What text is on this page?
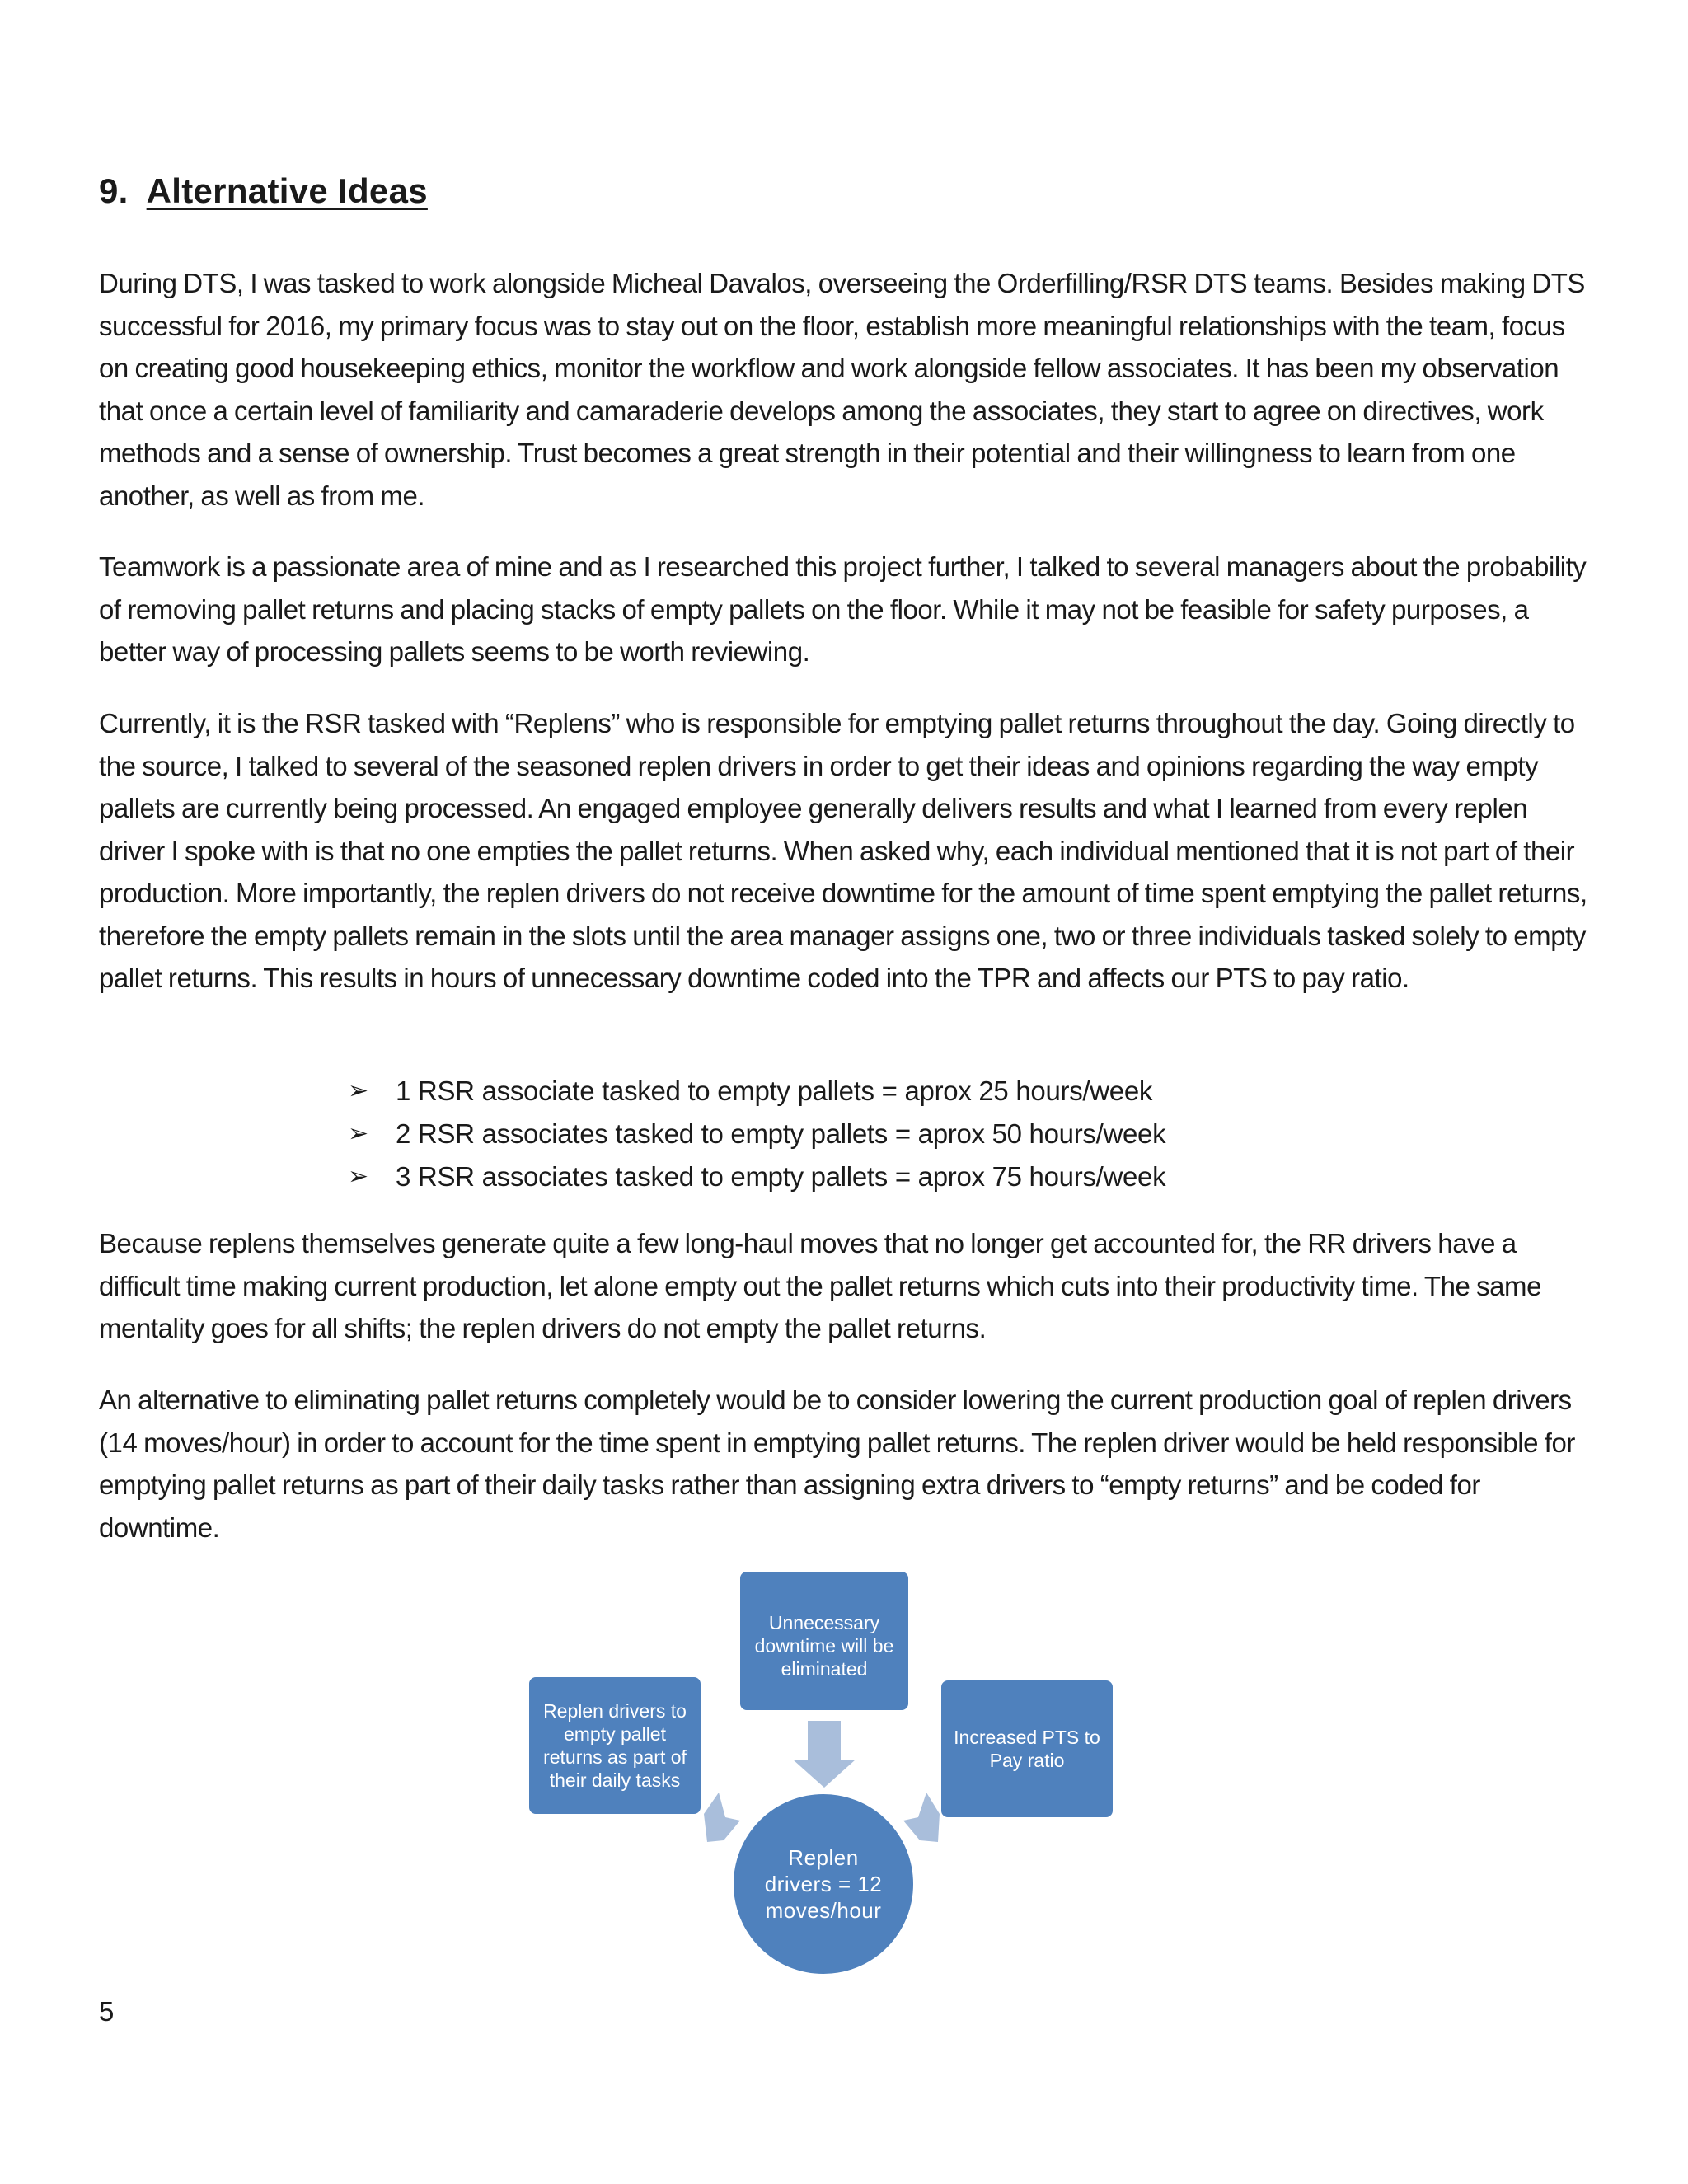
9. Alternative Ideas

During DTS, I was tasked to work alongside Micheal Davalos, overseeing the Orderfilling/RSR DTS teams. Besides making DTS successful for 2016, my primary focus was to stay out on the floor, establish more meaningful relationships with the team, focus on creating good housekeeping ethics, monitor the workflow and work alongside fellow associates. It has been my observation that once a certain level of familiarity and camaraderie develops among the associates, they start to agree on directives, work methods and a sense of ownership. Trust becomes a great strength in their potential and their willingness to learn from one another, as well as from me.

Teamwork is a passionate area of mine and as I researched this project further, I talked to several managers about the probability of removing pallet returns and placing stacks of empty pallets on the floor. While it may not be feasible for safety purposes, a better way of processing pallets seems to be worth reviewing.

Currently, it is the RSR tasked with “Replens” who is responsible for emptying pallet returns throughout the day. Going directly to the source, I talked to several of the seasoned replen drivers in order to get their ideas and opinions regarding the way empty pallets are currently being processed. An engaged employee generally delivers results and what I learned from every replen driver I spoke with is that no one empties the pallet returns. When asked why, each individual mentioned that it is not part of their production. More importantly, the replen drivers do not receive downtime for the amount of time spent emptying the pallet returns, therefore the empty pallets remain in the slots until the area manager assigns one, two or three individuals tasked solely to empty pallet returns. This results in hours of unnecessary downtime coded into the TPR and affects our PTS to pay ratio.

➢	1 RSR associate tasked to empty pallets = aprox 25 hours/week
➢	2 RSR associates tasked to empty pallets = aprox 50 hours/week
➢	3 RSR associates tasked to empty pallets = aprox 75 hours/week

Because replens themselves generate quite a few long-haul moves that no longer get accounted for, the RR drivers have a difficult time making current production, let alone empty out the pallet returns which cuts into their productivity time. The same mentality goes for all shifts; the replen drivers do not empty the pallet returns.

An alternative to eliminating pallet returns completely would be to consider lowering the current production goal of replen drivers (14 moves/hour) in order to account for the time spent in emptying pallet returns. The replen driver would be held responsible for emptying pallet returns as part of their daily tasks rather than assigning extra drivers to “empty returns” and be coded for downtime.

Unnecessary downtime will be eliminated
Replen drivers to empty pallet returns as part of their daily tasks
Increased PTS to Pay ratio
Replen drivers = 12 moves/hour

5
